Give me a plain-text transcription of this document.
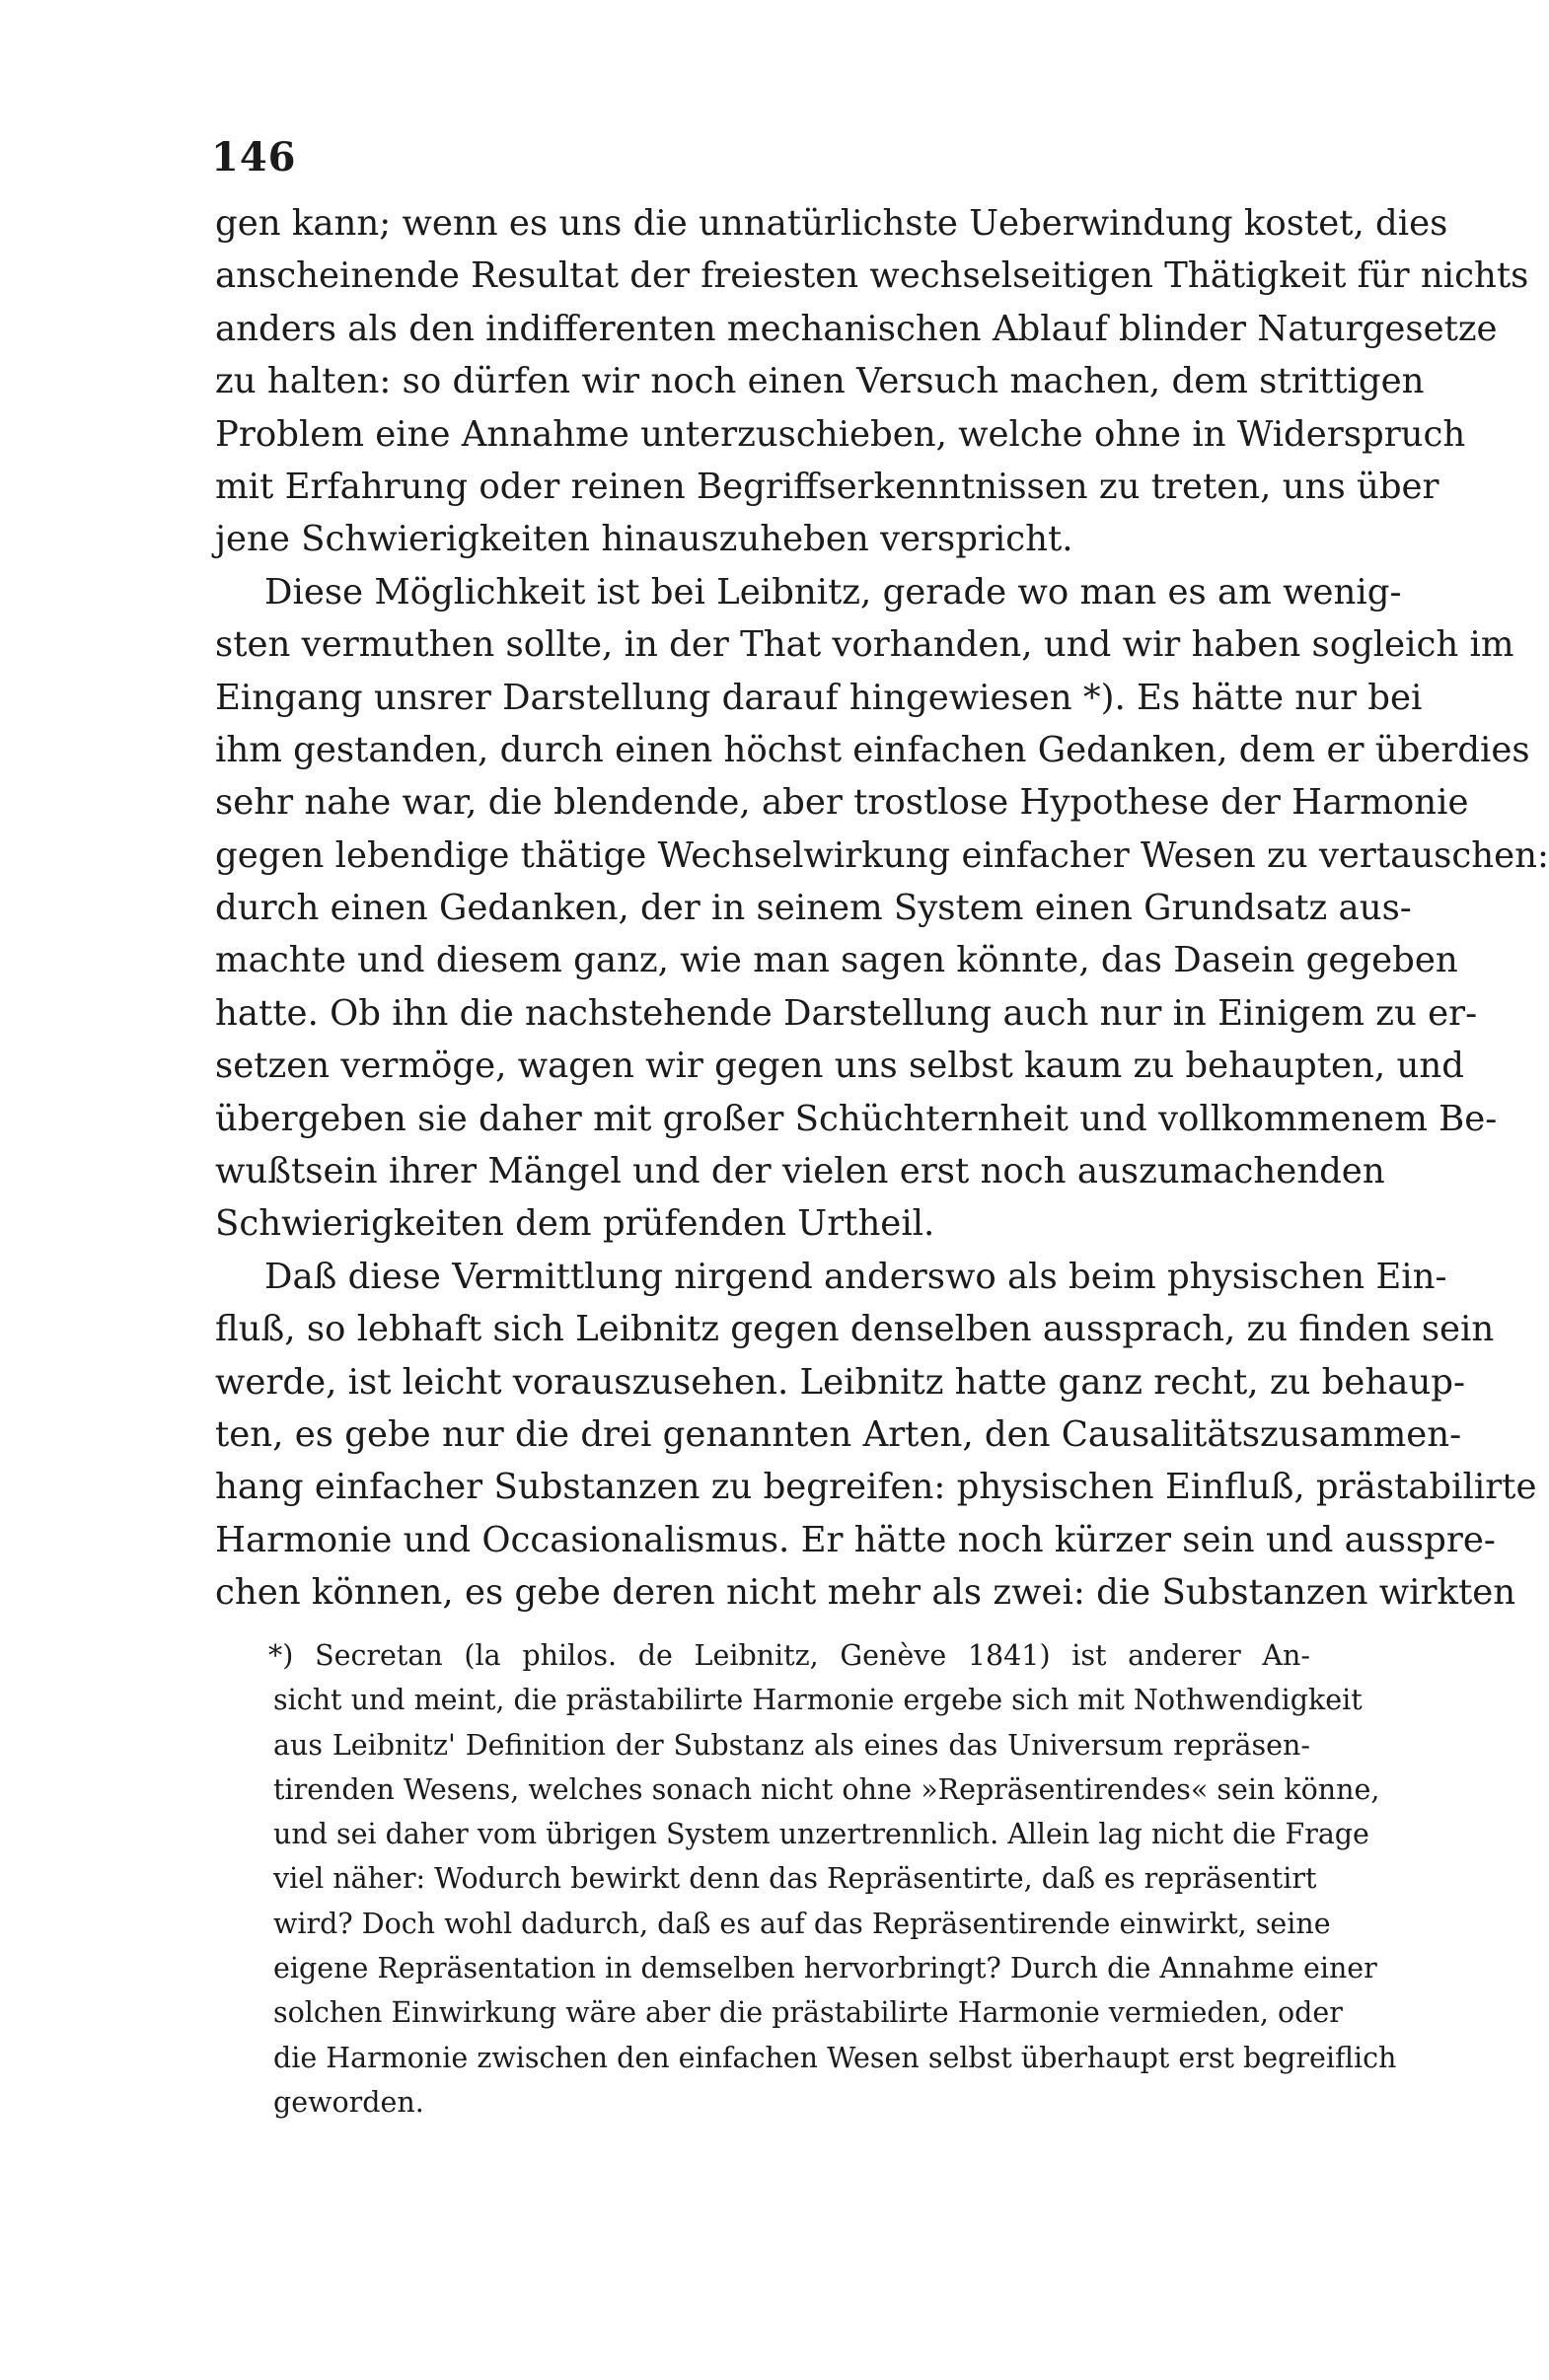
146

gen kann; wenn es uns die unnatürlichste Ueberwindung kostet, dies
anscheinende Resultat der freiesten wechselseitigen Thätigkeit für nichts
anders als den indifferenten mechanischen Ablauf blinder Naturgesetze
zu halten: so dürfen wir noch einen Versuch machen, dem strittigen
Problem eine Annahme unterzuschieben, welche ohne in Widerspruch
mit Erfahrung oder reinen Begriffserkenntnissen zu treten, uns über
jene Schwierigkeiten hinauszuheben verspricht.

Diese Möglichkeit ist bei Leibnitz, gerade wo man es am wenig-
sten vermuthen sollte, in der That vorhanden, und wir haben sogleich im
Eingang unsrer Darstellung darauf hingewiesen *). Es hätte nur bei
ihm gestanden, durch einen höchst einfachen Gedanken, dem er überdies
sehr nahe war, die blendende, aber trostlose Hypothese der Harmonie
gegen lebendige thätige Wechselwirkung einfacher Wesen zu vertauschen:
durch einen Gedanken, der in seinem System einen Grundsatz aus-
machte und diesem ganz, wie man sagen könnte, das Dasein gegeben
hatte. Ob ihn die nachstehende Darstellung auch nur in Einigem zu er-
setzen vermöge, wagen wir gegen uns selbst kaum zu behaupten, und
übergeben sie daher mit großer Schüchternheit und vollkommenem Be-
wußtsein ihrer Mängel und der vielen erst noch auszumachenden
Schwierigkeiten dem prüfenden Urtheil.

Daß diese Vermittlung nirgend anderswo als beim physischen Ein-
fluß, so lebhaft sich Leibnitz gegen denselben aussprach, zu finden sein
werde, ist leicht vorauszusehen. Leibnitz hatte ganz recht, zu behaup-
ten, es gebe nur die drei genannten Arten, den Causalitätszusammen-
hang einfacher Substanzen zu begreifen: physischen Einfluß, prästabilirte
Harmonie und Occasionalismus. Er hätte noch kürzer sein und ausspre-
chen können, es gebe deren nicht mehr als zwei: die Substanzen wirkten

*) Secretan (la philos. de Leibnitz, Genève 1841) ist anderer An-
sicht und meint, die prästabilirte Harmonie ergebe sich mit Nothwendigkeit
aus Leibnitz' Definition der Substanz als eines das Universum repräsen-
tirenden Wesens, welches sonach nicht ohne »Repräsentirendes« sein könne,
und sei daher vom übrigen System unzertrennlich. Allein lag nicht die Frage
viel näher: Wodurch bewirkt denn das Repräsentirte, daß es repräsentirt
wird? Doch wohl dadurch, daß es auf das Repräsentirende einwirkt, seine
eigene Repräsentation in demselben hervorbringt? Durch die Annahme einer
solchen Einwirkung wäre aber die prästabilirte Harmonie vermieden, oder
die Harmonie zwischen den einfachen Wesen selbst überhaupt erst begreiflich
geworden.
